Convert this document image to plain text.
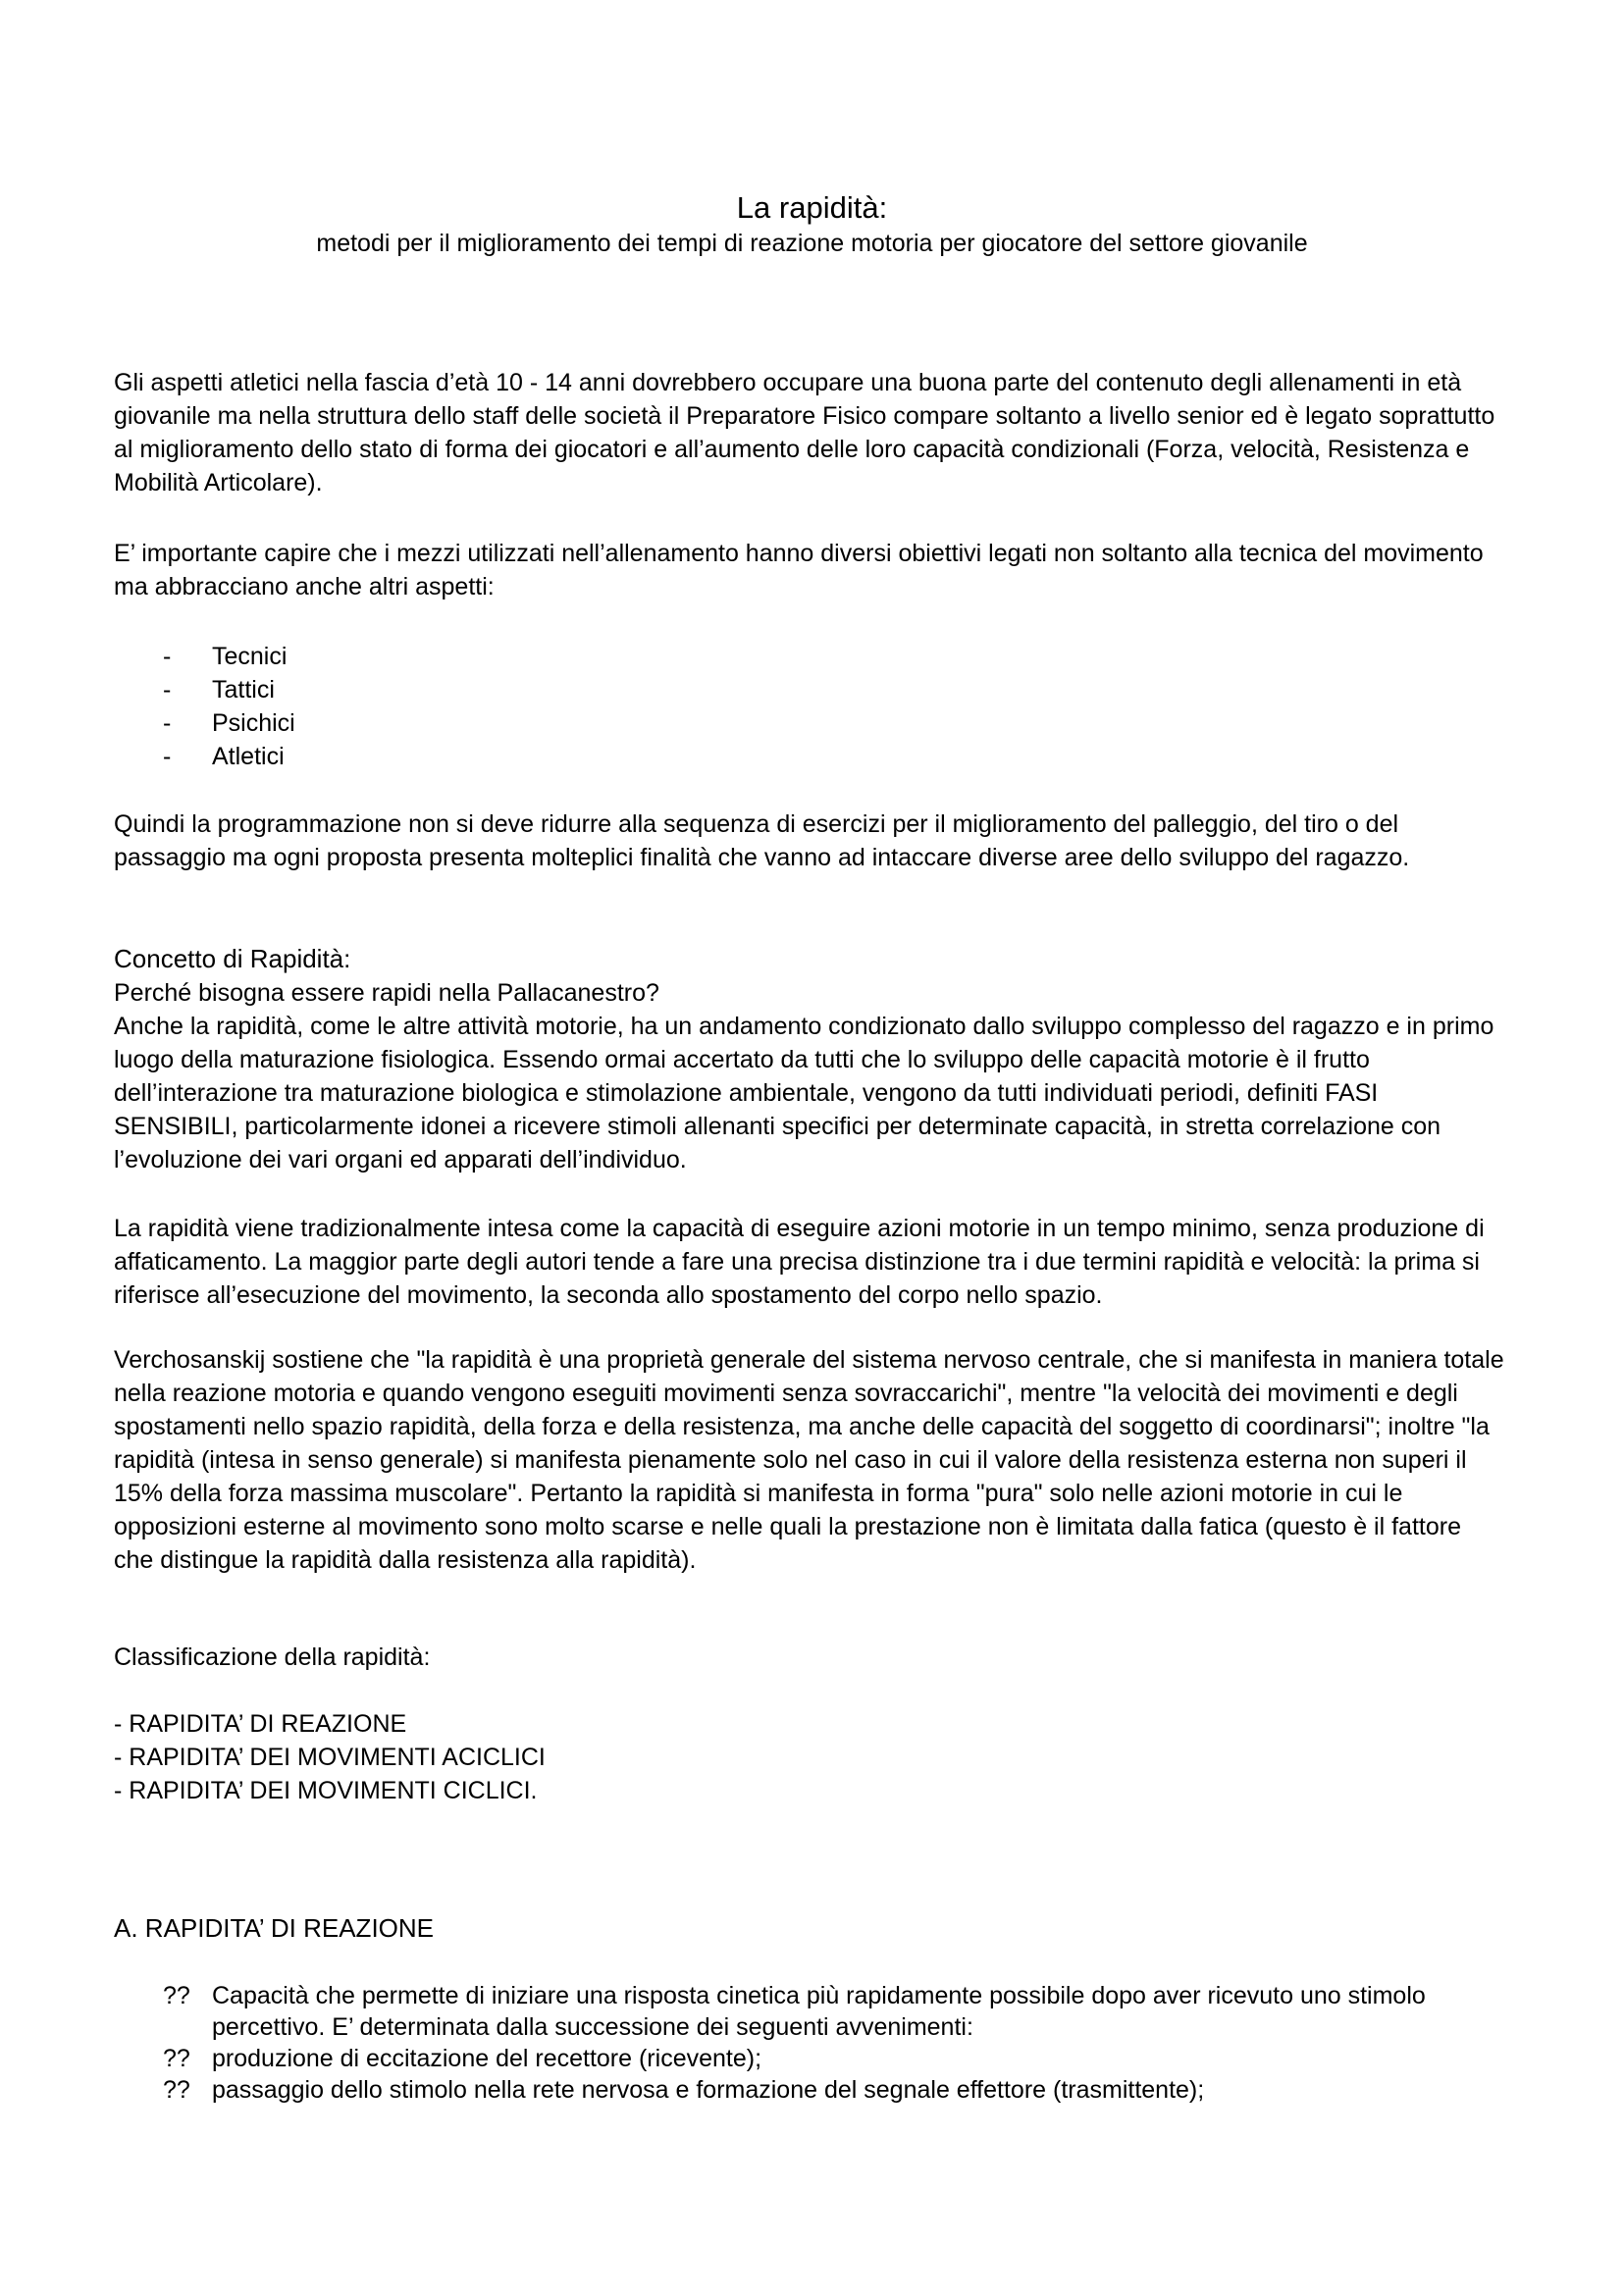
La rapidità:
metodi per il miglioramento dei tempi di reazione motoria per giocatore del settore giovanile

Gli aspetti atletici nella fascia d’età 10 - 14 anni dovrebbero occupare una buona parte del contenuto degli allenamenti in età giovanile ma nella struttura dello staff delle società il Preparatore Fisico compare soltanto a livello senior ed è legato soprattutto al miglioramento dello stato di forma dei giocatori e all’aumento delle loro capacità condizionali (Forza, velocità, Resistenza e Mobilità Articolare).

E’ importante capire che i mezzi utilizzati nell’allenamento hanno diversi obiettivi legati non soltanto alla tecnica del movimento ma abbracciano anche altri aspetti:

- Tecnici
- Tattici
- Psichici
- Atletici

Quindi la programmazione non si deve ridurre alla sequenza di esercizi per il miglioramento del palleggio, del tiro o del passaggio ma ogni proposta presenta molteplici finalità che vanno ad intaccare diverse aree dello sviluppo del ragazzo.

Concetto di Rapidità:
Perché bisogna essere rapidi nella Pallacanestro?

Anche la rapidità, come le altre attività motorie, ha un andamento condizionato dallo sviluppo complesso del ragazzo e in primo luogo della maturazione fisiologica. Essendo ormai accertato da tutti che lo sviluppo delle capacità motorie è il frutto dell’interazione tra maturazione biologica e stimolazione ambientale, vengono da tutti individuati periodi, definiti FASI SENSIBILI, particolarmente idonei a ricevere stimoli allenanti specifici per determinate capacità, in stretta correlazione con l’evoluzione dei vari organi ed apparati dell’individuo.

La rapidità viene tradizionalmente intesa come la capacità di eseguire azioni motorie in un tempo minimo, senza produzione di affaticamento. La maggior parte degli autori tende a fare una precisa distinzione tra i due termini rapidità e velocità: la prima si riferisce all’esecuzione del movimento, la seconda allo spostamento del corpo nello spazio.

Verchosanskij sostiene che "la rapidità è una proprietà generale del sistema nervoso centrale, che si manifesta in maniera totale nella reazione motoria e quando vengono eseguiti movimenti senza sovraccarichi", mentre "la velocità dei movimenti e degli spostamenti nello spazio rapidità, della forza e della resistenza, ma anche delle capacità del soggetto di coordinarsi"; inoltre "la rapidità (intesa in senso generale) si manifesta pienamente solo nel caso in cui il valore della resistenza esterna non superi il 15% della forza massima muscolare". Pertanto la rapidità si manifesta in forma "pura" solo nelle azioni motorie in cui le opposizioni esterne al movimento sono molto scarse e nelle quali la prestazione non è limitata dalla fatica (questo è il fattore che distingue la rapidità dalla resistenza alla rapidità).

Classificazione della rapidità:
- RAPIDITA’ DI REAZIONE
- RAPIDITA’ DEI MOVIMENTI ACICLICI
- RAPIDITA’ DEI MOVIMENTI CICLICI.
A. RAPIDITA’ DI REAZIONE
?? Capacità che permette di iniziare una risposta cinetica più rapidamente possibile dopo aver ricevuto uno stimolo percettivo. E’ determinata dalla successione dei seguenti avvenimenti:
?? produzione di eccitazione del recettore (ricevente);
?? passaggio dello stimolo nella rete nervosa e formazione del segnale effettore (trasmittente);
